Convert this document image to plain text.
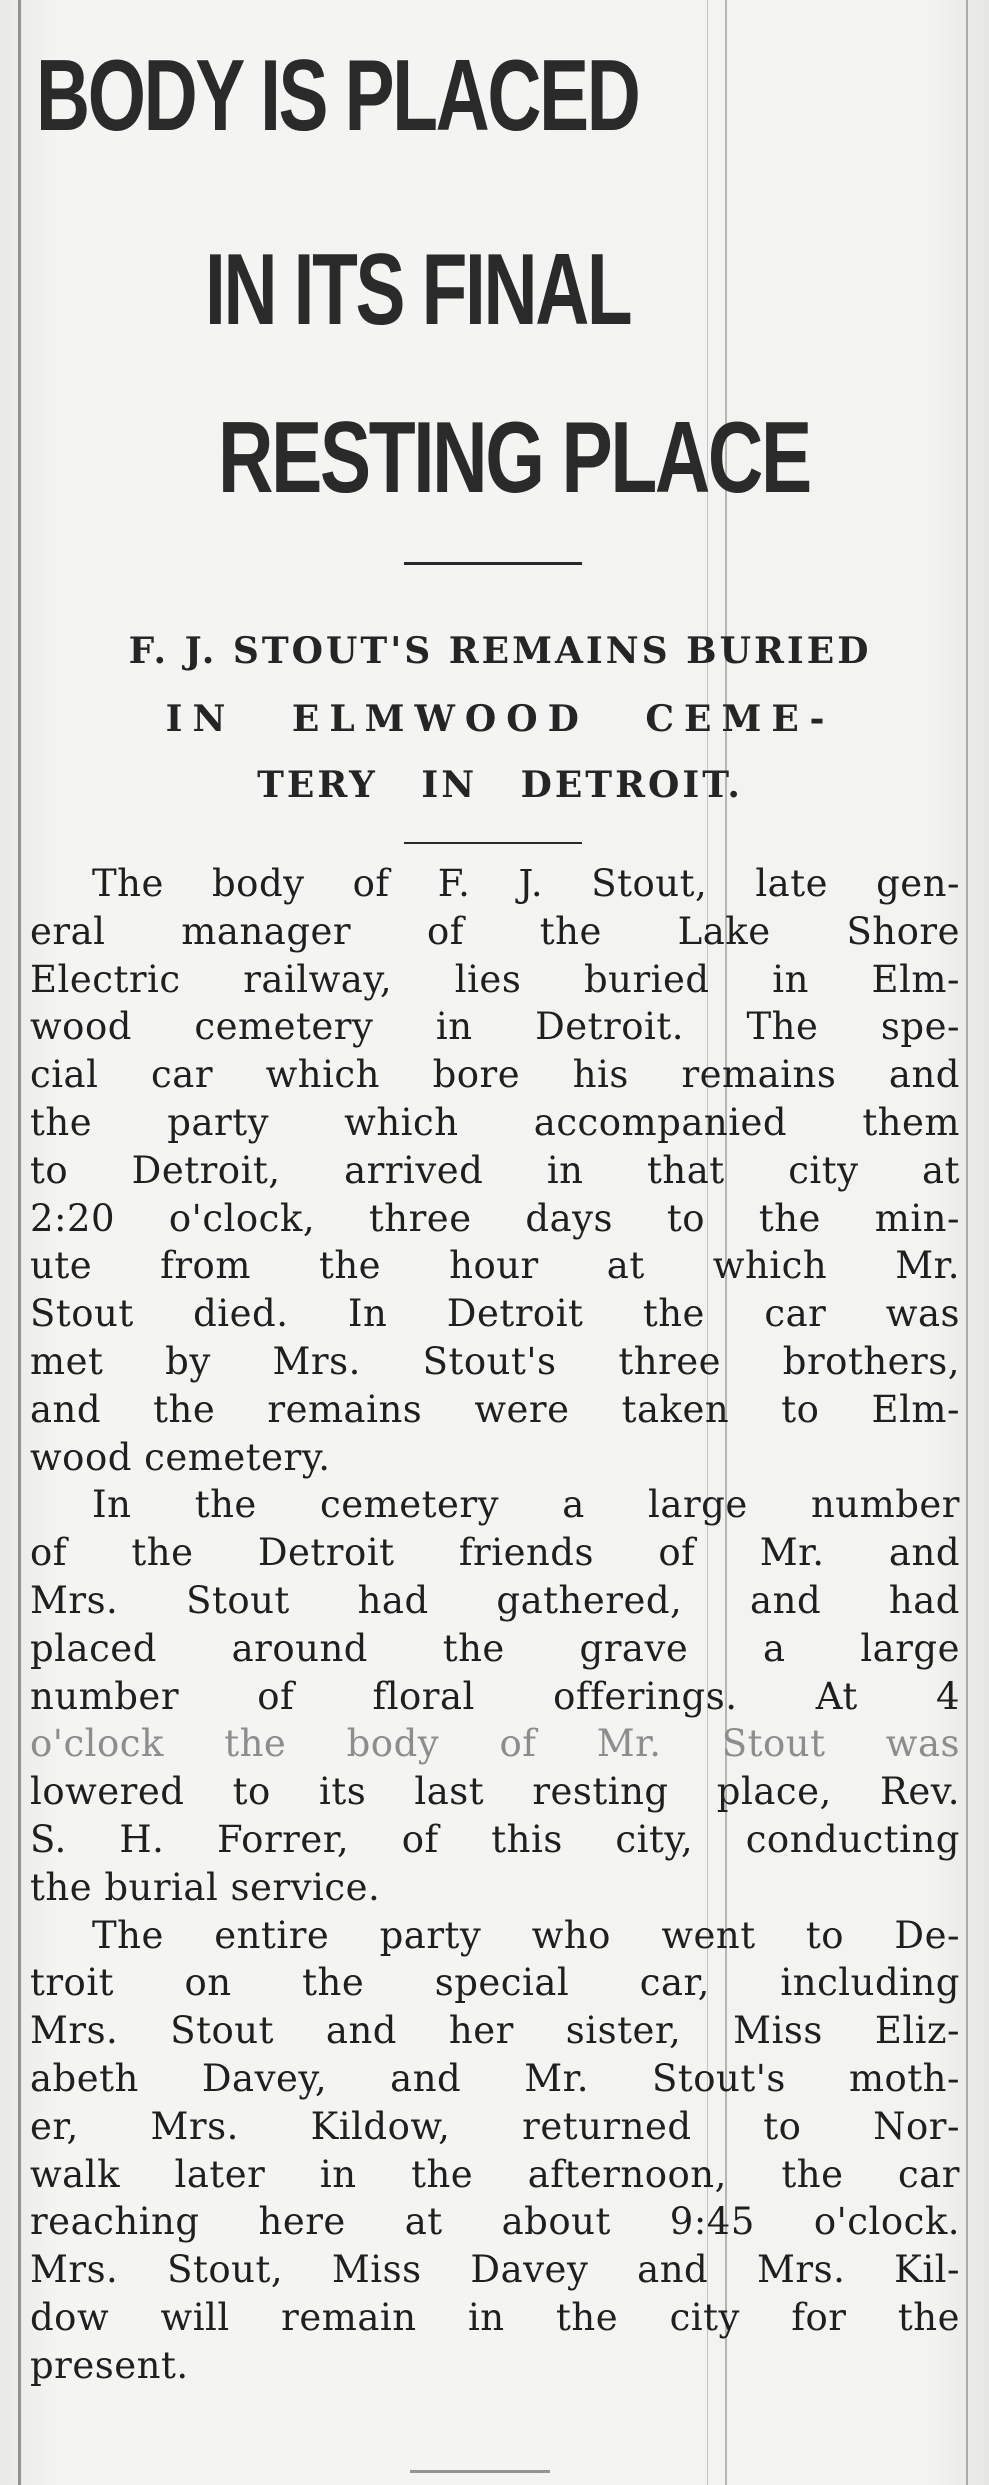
BODY IS PLACED
IN ITS FINAL
RESTING PLACE
F. J. STOUT'S REMAINS BURIED
IN ELMWOOD CEME-
TERY IN DETROIT.
The body of F. J. Stout, late gen-
eral manager of the Lake Shore
Electric railway, lies buried in Elm-
wood cemetery in Detroit. The spe-
cial car which bore his remains and
the party which accompanied them
to Detroit, arrived in that city at
2:20 o'clock, three days to the min-
ute from the hour at which Mr.
Stout died. In Detroit the car was
met by Mrs. Stout's three brothers,
and the remains were taken to Elm-
wood cemetery.
In the cemetery a large number
of the Detroit friends of Mr. and
Mrs. Stout had gathered, and had
placed around the grave a large
number of floral offerings. At 4
o'clock the body of Mr. Stout was
lowered to its last resting place, Rev.
S. H. Forrer, of this city, conducting
the burial service.
The entire party who went to De-
troit on the special car, including
Mrs. Stout and her sister, Miss Eliz-
abeth Davey, and Mr. Stout's moth-
er, Mrs. Kildow, returned to Nor-
walk later in the afternoon, the car
reaching here at about 9:45 o'clock.
Mrs. Stout, Miss Davey and Mrs. Kil-
dow will remain in the city for the
present.
